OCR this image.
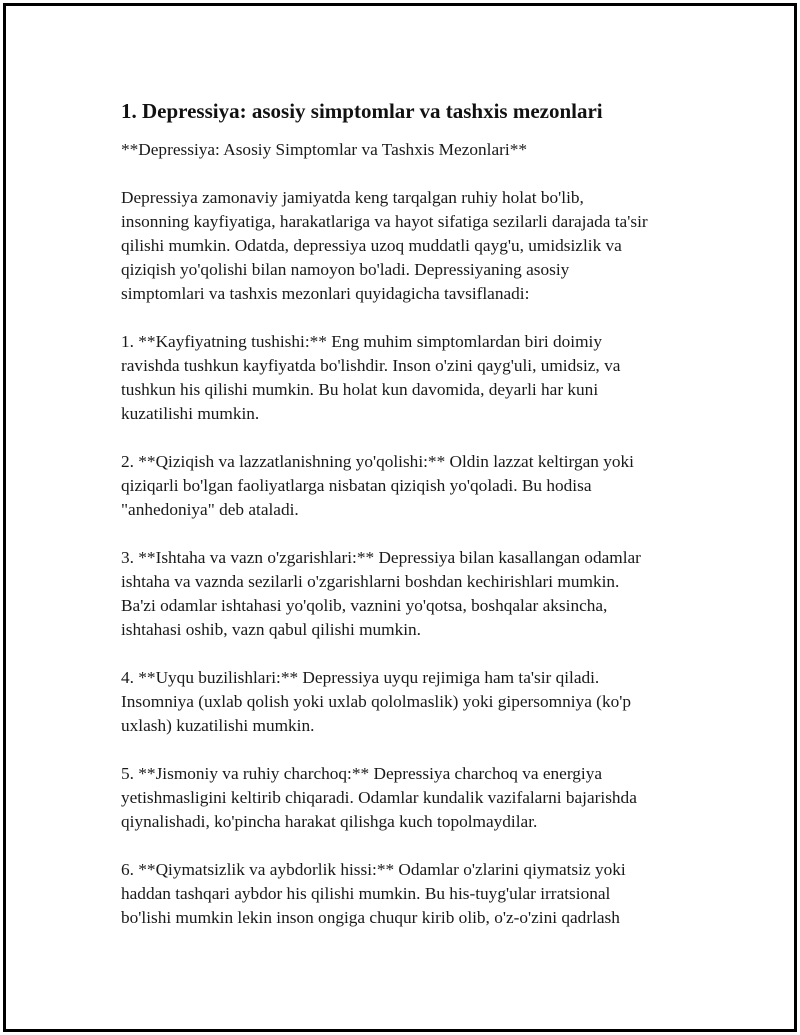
1. Depressiya: asosiy simptomlar va tashxis mezonlari
**Depressiya: Asosiy Simptomlar va Tashxis Mezonlari**

Depressiya zamonaviy jamiyatda keng tarqalgan ruhiy holat bo'lib,
insonning kayfiyatiga, harakatlariga va hayot sifatiga sezilarli darajada ta'sir
qilishi mumkin. Odatda, depressiya uzoq muddatli qayg'u, umidsizlik va
qiziqish yo'qolishi bilan namoyon bo'ladi. Depressiyaning asosiy
simptomlari va tashxis mezonlari quyidagicha tavsiflanadi:

1. **Kayfiyatning tushishi:** Eng muhim simptomlardan biri doimiy
ravishda tushkun kayfiyatda bo'lishdir. Inson o'zini qayg'uli, umidsiz, va
tushkun his qilishi mumkin. Bu holat kun davomida, deyarli har kuni
kuzatilishi mumkin.

2. **Qiziqish va lazzatlanishning yo'qolishi:** Oldin lazzat keltirgan yoki
qiziqarli bo'lgan faoliyatlarga nisbatan qiziqish yo'qoladi. Bu hodisa
"anhedoniya" deb ataladi.

3. **Ishtaha va vazn o'zgarishlari:** Depressiya bilan kasallangan odamlar
ishtaha va vaznda sezilarli o'zgarishlarni boshdan kechirishlari mumkin.
Ba'zi odamlar ishtahasi yo'qolib, vaznini yo'qotsa, boshqalar aksincha,
ishtahasi oshib, vazn qabul qilishi mumkin.

4. **Uyqu buzilishlari:** Depressiya uyqu rejimiga ham ta'sir qiladi.
Insomniya (uxlab qolish yoki uxlab qololmaslik) yoki gipersomniya (ko'p
uxlash) kuzatilishi mumkin.

5. **Jismoniy va ruhiy charchoq:** Depressiya charchoq va energiya
yetishmasligini keltirib chiqaradi. Odamlar kundalik vazifalarni bajarishda
qiynalishadi, ko'pincha harakat qilishga kuch topolmaydilar.

6. **Qiymatsizlik va aybdorlik hissi:** Odamlar o'zlarini qiymatsiz yoki
haddan tashqari aybdor his qilishi mumkin. Bu his-tuyg'ular irratsional
bo'lishi mumkin lekin inson ongiga chuqur kirib olib, o'z-o'zini qadrlash
